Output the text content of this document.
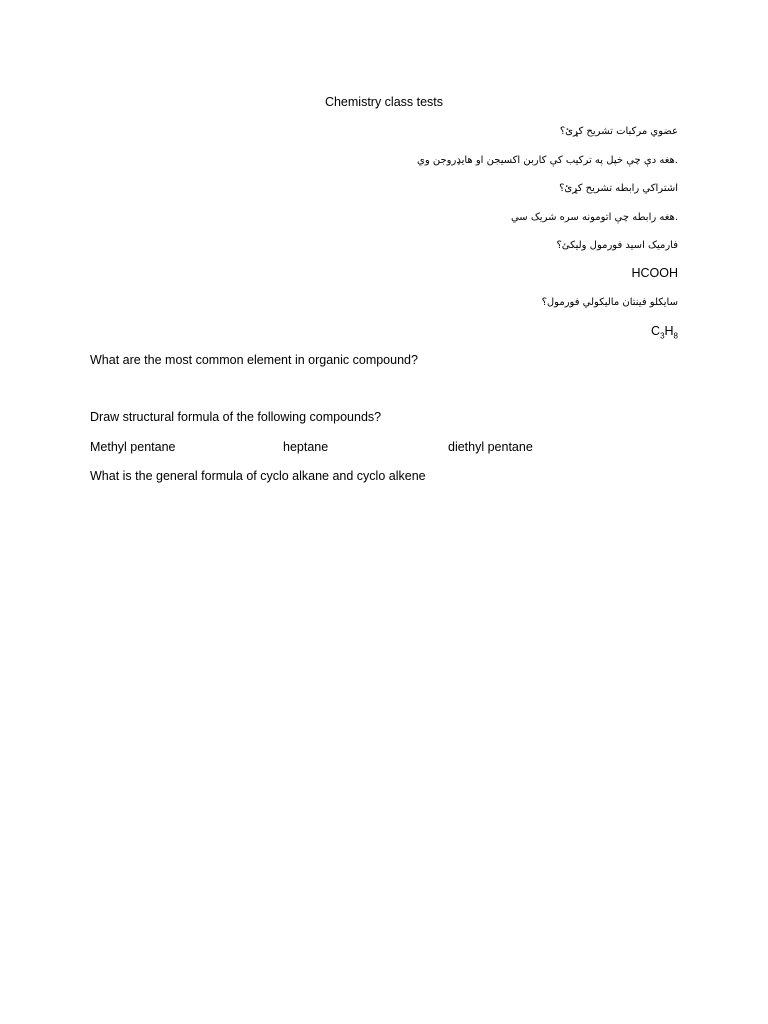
Chemistry class tests
عضوي مرکبات تشریح کړئ؟
.هغه دې چې خپل په ترکیب کې کاربن اکسیجن او هایډروجن وي
اشتراکي رابطه تشریح کړئ؟
.هغه رابطه چې اتومونه سره شریک سي
فارمیک اسید فورمول ولیکئ؟
HCOOH
سایکلو فینتان مالیکولي فورمول؟
$C_3H_8$
What are the most common element in organic compound?
Draw structural formula of the following compounds?
Methyl pentane	heptane	diethyl pentane
What is the general formula of cyclo alkane and cyclo alkene
